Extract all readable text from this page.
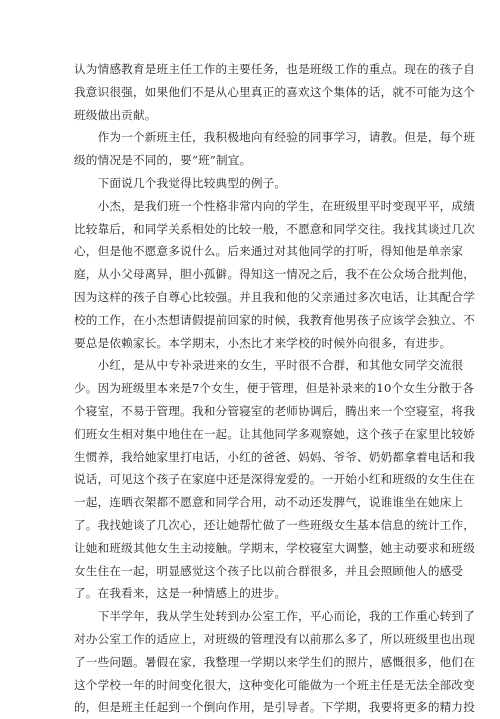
认为情感教育是班主任工作的主要任务，也是班级工作的重点。现在的孩子自
我意识很强，如果他们不是从心里真正的喜欢这个集体的话，就不可能为这个
班级做出贡献。
　　作为一个新班主任，我积极地向有经验的同事学习，请教。但是，每个班
级的情况是不同的，要“班”制宜。
　　下面说几个我觉得比较典型的例子。
　　小杰，是我们班一个性格非常内向的学生，在班级里平时变现平平，成绩
比较靠后，和同学关系相处的比较一般，不愿意和同学交往。我找其谈过几次
心，但是他不愿意多说什么。后来通过对其他同学的打听，得知他是单亲家
庭，从小父母离异，胆小孤僻。得知这一情况之后，我不在公众场合批判他，
因为这样的孩子自尊心比较强。并且我和他的父亲通过多次电话，让其配合学
校的工作，在小杰想请假提前回家的时候，我教育他男孩子应该学会独立、不
要总是依赖家长。本学期末，小杰比才来学校的时候外向很多，有进步。
　　小红，是从中专补录进来的女生，平时很不合群，和其他女同学交流很
少。因为班级里本来是7个女生，便于管理，但是补录来的10个女生分散于各
个寝室，不易于管理。我和分管寝室的老师协调后，腾出来一个空寝室，将我
们班女生相对集中地住在一起。让其他同学多观察她，这个孩子在家里比较娇
生惯养，我给她家里打电话，小红的爸爸、妈妈、爷爷、奶奶都拿着电话和我
说话，可见这个孩子在家庭中还是深得宠爱的。一开始小红和班级的女生住在
一起，连晒衣架都不愿意和同学合用，动不动还发脾气，说谁谁坐在她床上
了。我找她谈了几次心，还让她帮忙做了一些班级女生基本信息的统计工作，
让她和班级其他女生主动接触。学期末，学校寝室大调整，她主动要求和班级
女生住在一起，明显感觉这个孩子比以前合群很多，并且会照顾他人的感受
了。在我看来，这是一种情感上的进步。
　　下半学年，我从学生处转到办公室工作，平心而论，我的工作重心转到了
对办公室工作的适应上，对班级的管理没有以前那么多了，所以班级里也出现
了一些问题。暑假在家，我整理一学期以来学生们的照片，感慨很多，他们在
这个学校一年的时间变化很大，这种变化可能做为一个班主任是无法全部改变
的，但是班主任起到一个倒向作用，是引导者。下学期，我要将更多的精力投
